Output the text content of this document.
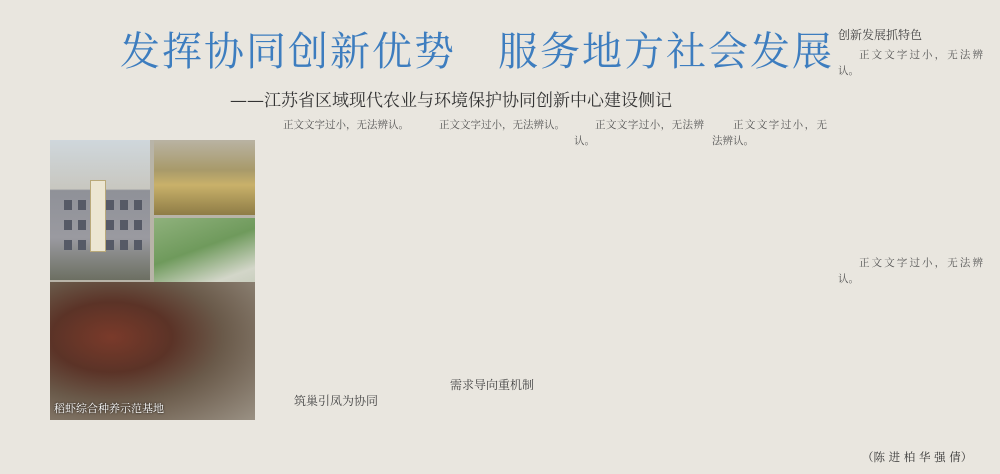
发挥协同创新优势　服务地方社会发展
——江苏省区域现代农业与环境保护协同创新中心建设侧记
稻虾综合种养示范基地

正文文字过小，无法辨认。

筑巢引凤为协同

正文文字过小，无法辨认。

需求导向重机制

正文文字过小，无法辨认。

正文文字过小，无法辨认。

创新发展抓特色

正文文字过小，无法辨认。

正文文字过小，无法辨认。

（陈 进 柏 华 强 倩）
